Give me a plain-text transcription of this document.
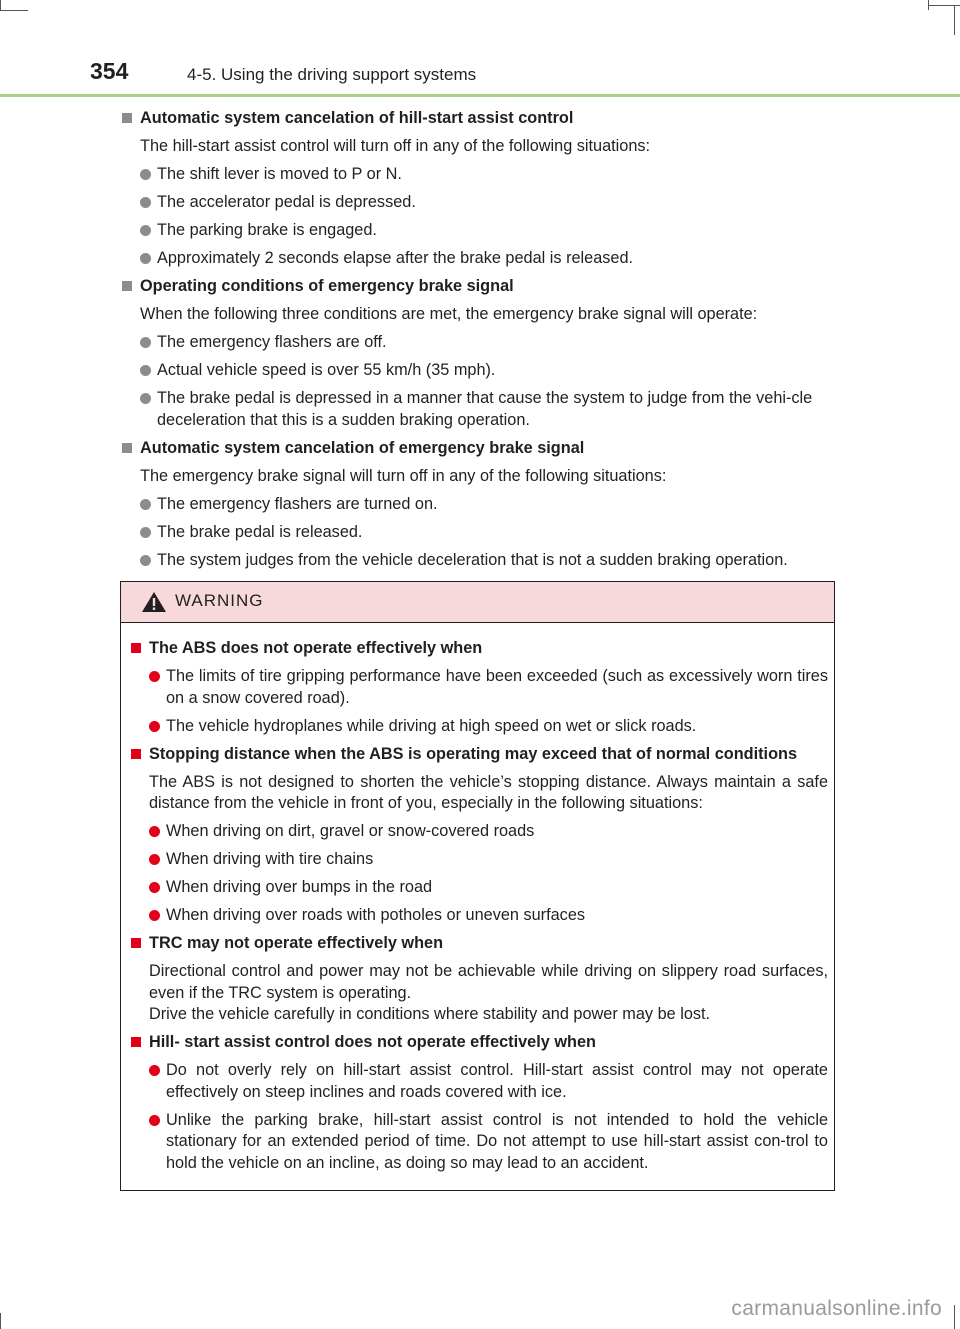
354	4-5. Using the driving support systems
Automatic system cancelation of hill-start assist control
The hill-start assist control will turn off in any of the following situations:
The shift lever is moved to P or N.
The accelerator pedal is depressed.
The parking brake is engaged.
Approximately 2 seconds elapse after the brake pedal is released.
Operating conditions of emergency brake signal
When the following three conditions are met, the emergency brake signal will operate:
The emergency flashers are off.
Actual vehicle speed is over 55 km/h (35 mph).
The brake pedal is depressed in a manner that cause the system to judge from the vehi-cle deceleration that this is a sudden braking operation.
Automatic system cancelation of emergency brake signal
The emergency brake signal will turn off in any of the following situations:
The emergency flashers are turned on.
The brake pedal is released.
The system judges from the vehicle deceleration that is not a sudden braking operation.
WARNING
The ABS does not operate effectively when
The limits of tire gripping performance have been exceeded (such as excessively worn tires on a snow covered road).
The vehicle hydroplanes while driving at high speed on wet or slick roads.
Stopping distance when the ABS is operating may exceed that of normal conditions
The ABS is not designed to shorten the vehicle’s stopping distance. Always maintain a safe distance from the vehicle in front of you, especially in the following situations:
When driving on dirt, gravel or snow-covered roads
When driving with tire chains
When driving over bumps in the road
When driving over roads with potholes or uneven surfaces
TRC may not operate effectively when
Directional control and power may not be achievable while driving on slippery road surfaces, even if the TRC system is operating.
Drive the vehicle carefully in conditions where stability and power may be lost.
Hill- start assist control does not operate effectively when
Do not overly rely on hill-start assist control. Hill-start assist control may not operate effectively on steep inclines and roads covered with ice.
Unlike the parking brake, hill-start assist control is not intended to hold the vehicle stationary for an extended period of time. Do not attempt to use hill-start assist con-trol to hold the vehicle on an incline, as doing so may lead to an accident.
carmanualsonline.info
